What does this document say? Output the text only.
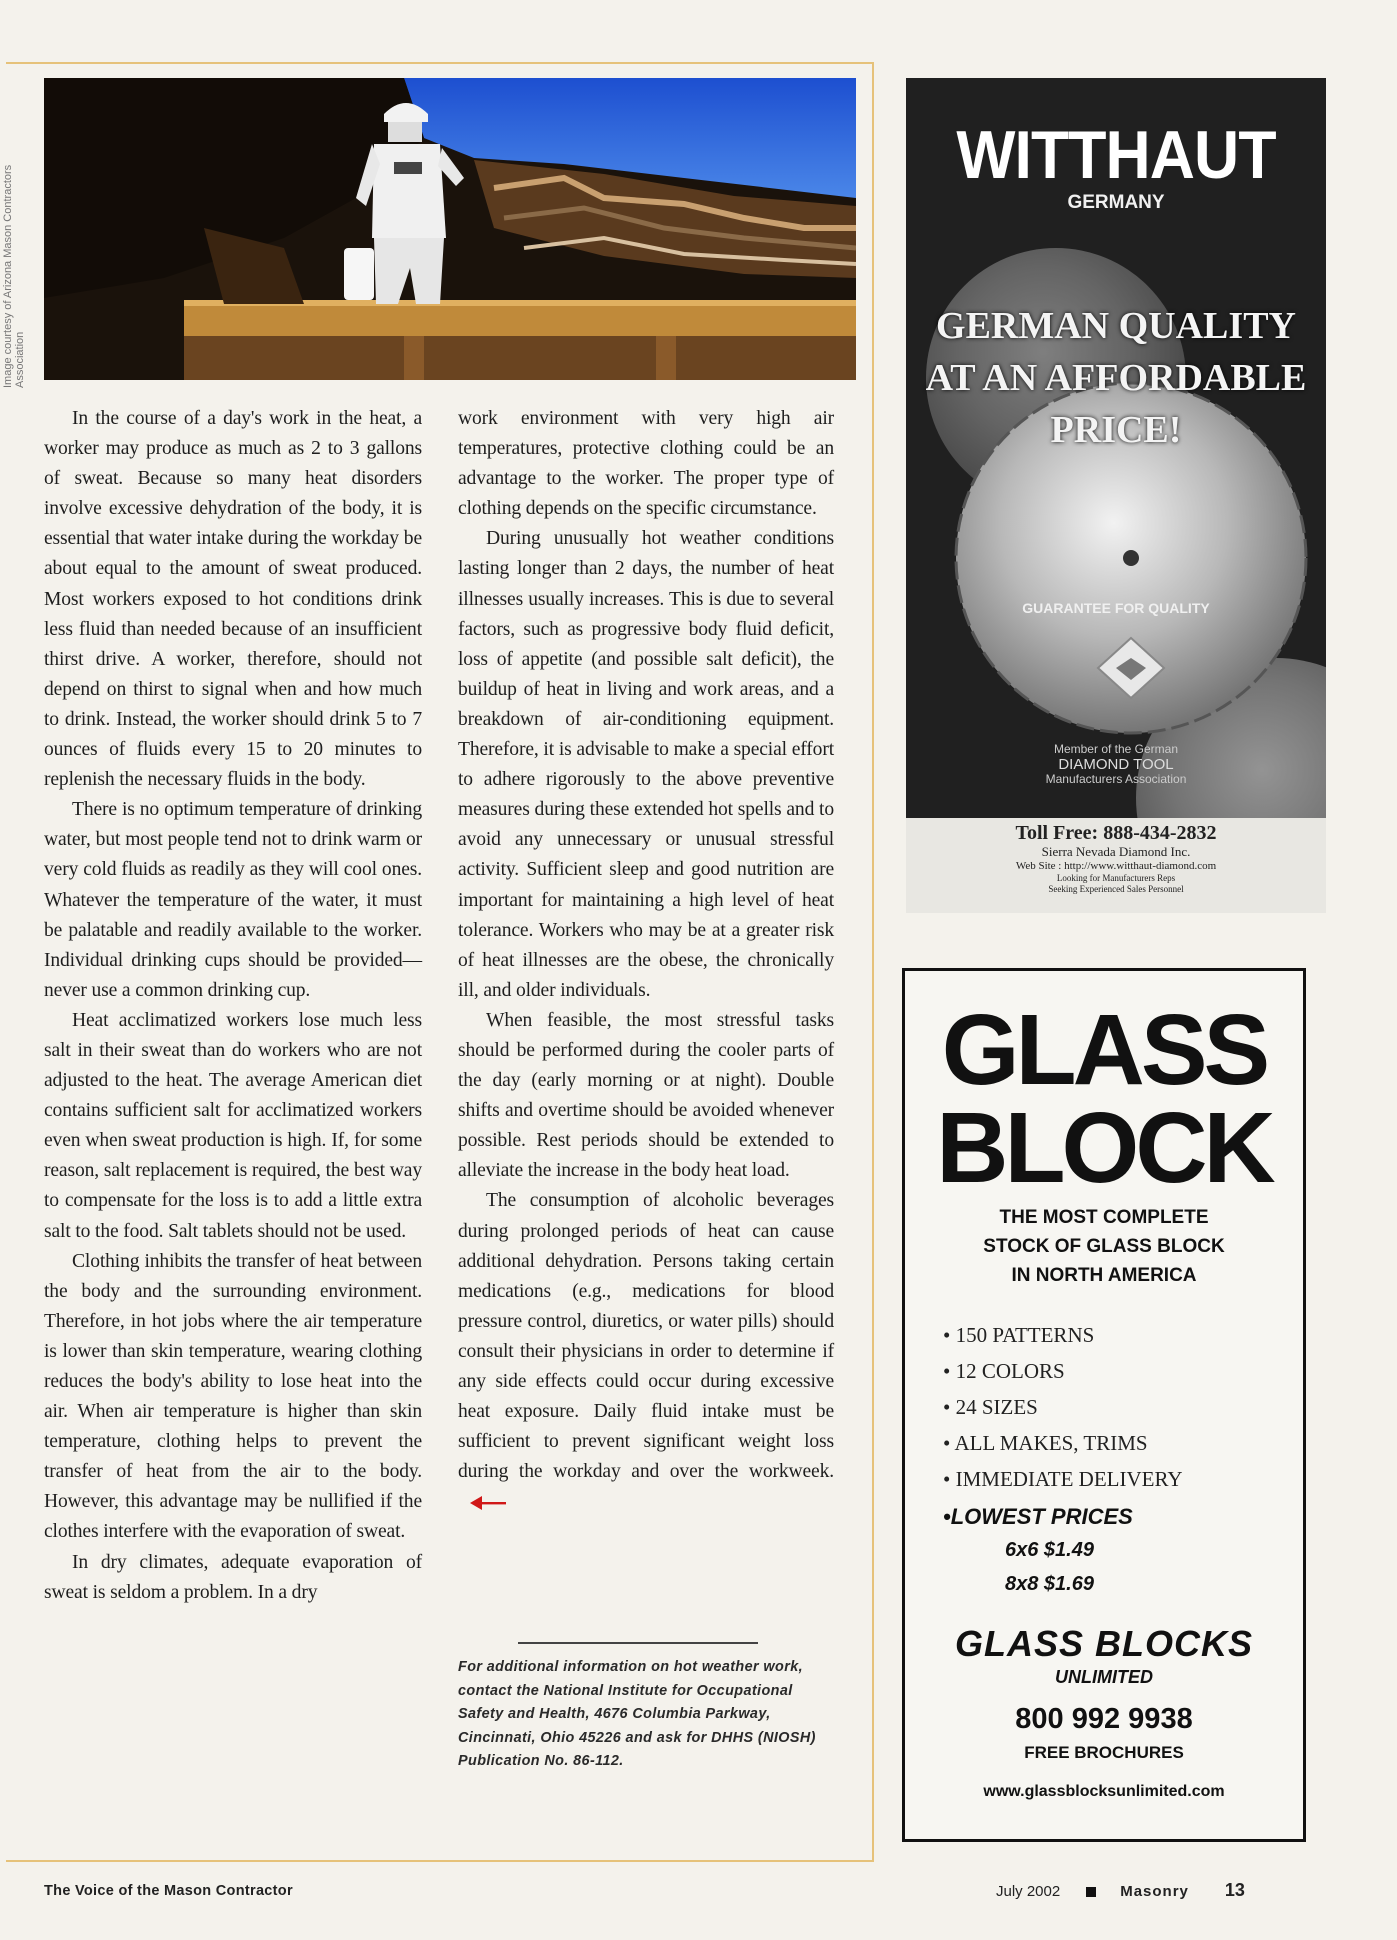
Image courtesy of Arizona Mason Contractors Association

In the course of a day's work in the heat, a worker may produce as much as 2 to 3 gallons of sweat. Because so many heat disorders involve excessive dehydration of the body, it is essential that water intake during the workday be about equal to the amount of sweat produced. Most workers exposed to hot conditions drink less fluid than needed because of an insufficient thirst drive. A worker, therefore, should not depend on thirst to signal when and how much to drink. Instead, the worker should drink 5 to 7 ounces of fluids every 15 to 20 minutes to replenish the necessary fluids in the body.

There is no optimum temperature of drinking water, but most people tend not to drink warm or very cold fluids as readily as they will cool ones. Whatever the temperature of the water, it must be palatable and readily available to the worker. Individual drinking cups should be provided—never use a common drinking cup.

Heat acclimatized workers lose much less salt in their sweat than do workers who are not adjusted to the heat. The average American diet contains sufficient salt for acclimatized workers even when sweat production is high. If, for some reason, salt replacement is required, the best way to compensate for the loss is to add a little extra salt to the food. Salt tablets should not be used.

Clothing inhibits the transfer of heat between the body and the surrounding environment. Therefore, in hot jobs where the air temperature is lower than skin temperature, wearing clothing reduces the body's ability to lose heat into the air. When air temperature is higher than skin temperature, clothing helps to prevent the transfer of heat from the air to the body. However, this advantage may be nullified if the clothes interfere with the evaporation of sweat.

In dry climates, adequate evaporation of sweat is seldom a problem. In a dry

work environment with very high air temperatures, protective clothing could be an advantage to the worker. The proper type of clothing depends on the specific circumstance.

During unusually hot weather conditions lasting longer than 2 days, the number of heat illnesses usually increases. This is due to several factors, such as progressive body fluid deficit, loss of appetite (and possible salt deficit), the buildup of heat in living and work areas, and a breakdown of air-conditioning equipment. Therefore, it is advisable to make a special effort to adhere rigorously to the above preventive measures during these extended hot spells and to avoid any unnecessary or unusual stressful activity. Sufficient sleep and good nutrition are important for maintaining a high level of heat tolerance. Workers who may be at a greater risk of heat illnesses are the obese, the chronically ill, and older individuals.

When feasible, the most stressful tasks should be performed during the cooler parts of the day (early morning or at night). Double shifts and overtime should be avoided whenever possible. Rest periods should be extended to alleviate the increase in the body heat load.

The consumption of alcoholic beverages during prolonged periods of heat can cause additional dehydration. Persons taking certain medications (e.g., medications for blood pressure control, diuretics, or water pills) should consult their physicians in order to determine if any side effects could occur during excessive heat exposure. Daily fluid intake must be sufficient to prevent significant weight loss during the workday and over the workweek.

For additional information on hot weather work, contact the National Institute for Occupational Safety and Health, 4676 Columbia Parkway, Cincinnati, Ohio 45226 and ask for DHHS (NIOSH) Publication No. 86-112.
WITTHAUT
GERMANY
GERMAN QUALITY AT AN AFFORDABLE PRICE!
GUARANTEE FOR QUALITY
Member of the German
DIAMOND TOOL
Manufacturers Association
Toll Free: 888-434-2832
Sierra Nevada Diamond Inc.
Web Site : http://www.witthaut-diamond.com
Looking for Manufacturers Reps
Seeking Experienced Sales Personnel
GLASS
BLOCK
THE MOST COMPLETE
STOCK OF GLASS BLOCK
IN NORTH AMERICA
• 150 PATTERNS
• 12 COLORS
• 24 SIZES
• ALL MAKES, TRIMS
• IMMEDIATE DELIVERY
• LOWEST PRICES
6x6 $1.49
8x8 $1.69
GLASS BLOCKS
UNLIMITED
800 992 9938
FREE BROCHURES
www.glassblocksunlimited.com
The Voice of the Mason Contractor	July 2002	Masonry 13
